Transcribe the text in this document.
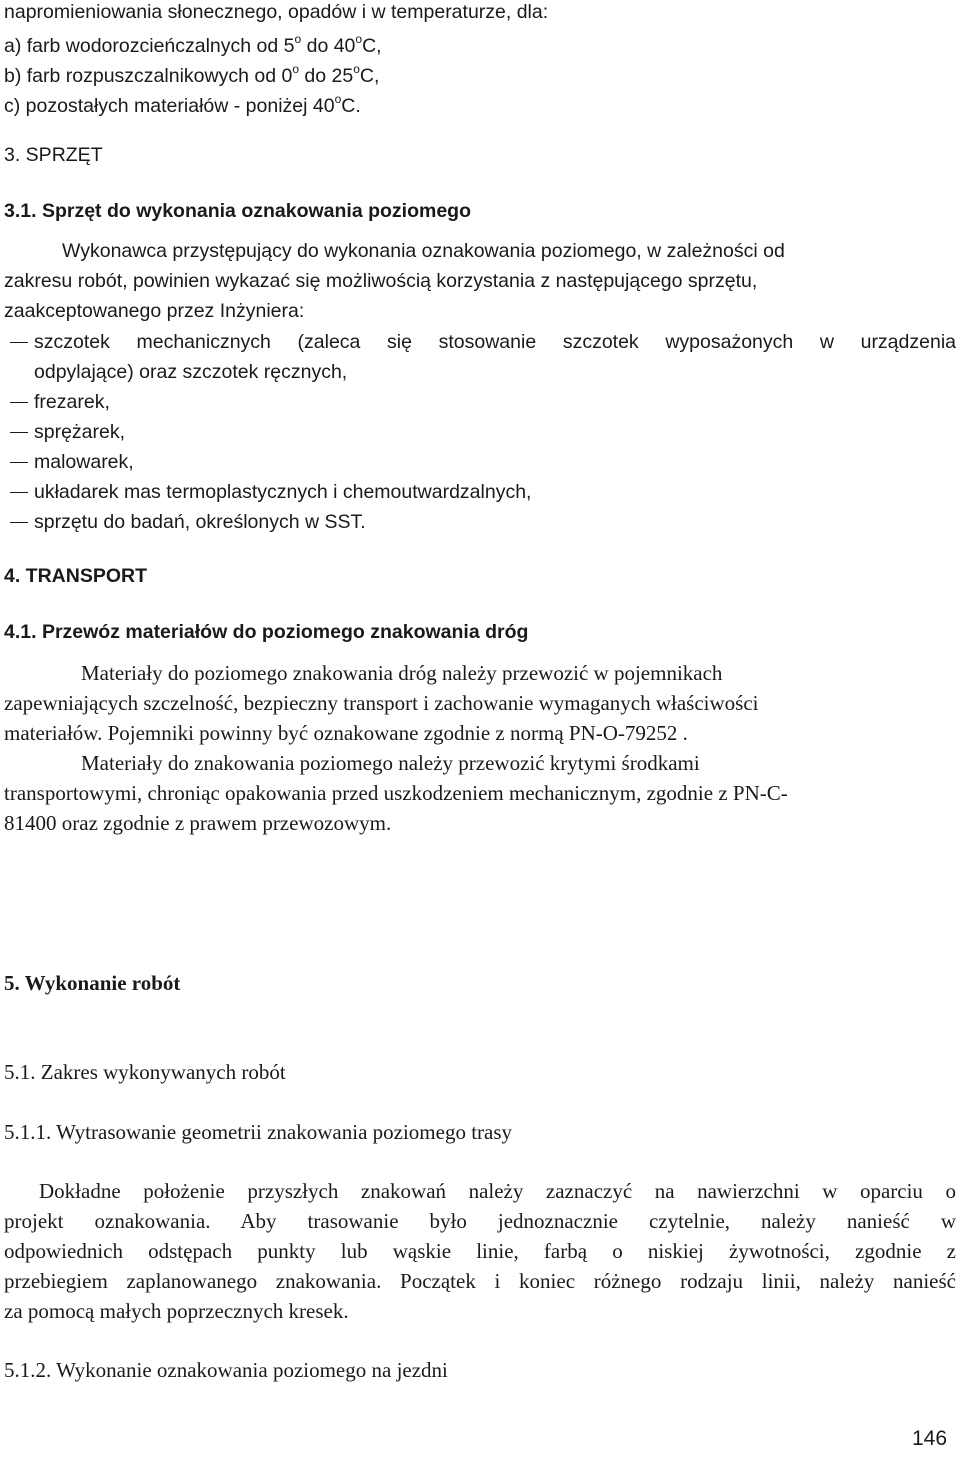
napromieniowania słonecznego, opadów i w temperaturze, dla:
a) farb wodorozcieńczalnych od 5$^o$ do 40$^o$C,
b) farb rozpuszczalnikowych od 0$^o$ do 25$^o$C,
c) pozostałych materiałów - poniżej 40$^o$C.
3. SPRZĘT
3.1. Sprzęt do wykonania oznakowania poziomego
Wykonawca przystępujący do wykonania oznakowania poziomego, w zależności od
zakresu robót, powinien wykazać się możliwością korzystania z następującego sprzętu,
zaakceptowanego przez Inżyniera:
szczotek mechanicznych (zaleca się stosowanie szczotek wyposażonych w urządzenia
odpylające) oraz szczotek ręcznych,
frezarek,
sprężarek,
malowarek,
układarek mas termoplastycznych i chemoutwardzalnych,
sprzętu do badań, określonych w SST.
4. TRANSPORT
4.1. Przewóz materiałów do poziomego znakowania dróg
Materiały do poziomego znakowania dróg należy przewozić w pojemnikach
zapewniających szczelność, bezpieczny transport i zachowanie wymaganych właściwości
materiałów. Pojemniki powinny być oznakowane zgodnie z normą PN-O-79252 .
Materiały do znakowania poziomego należy przewozić krytymi środkami
transportowymi, chroniąc opakowania przed uszkodzeniem mechanicznym, zgodnie z PN-C-
81400 oraz zgodnie z prawem przewozowym.
5. Wykonanie robót
5.1. Zakres wykonywanych robót
5.1.1. Wytrasowanie geometrii znakowania poziomego trasy
Dokładne położenie przyszłych znakowań należy zaznaczyć na nawierzchni w oparciu o
projekt oznakowania. Aby trasowanie było jednoznacznie czytelnie, należy nanieść w
odpowiednich odstępach punkty lub wąskie linie, farbą o niskiej żywotności, zgodnie z
przebiegiem zaplanowanego znakowania. Początek i koniec różnego rodzaju linii, należy nanieść
za pomocą małych poprzecznych kresek.
5.1.2. Wykonanie oznakowania poziomego na jezdni
146
